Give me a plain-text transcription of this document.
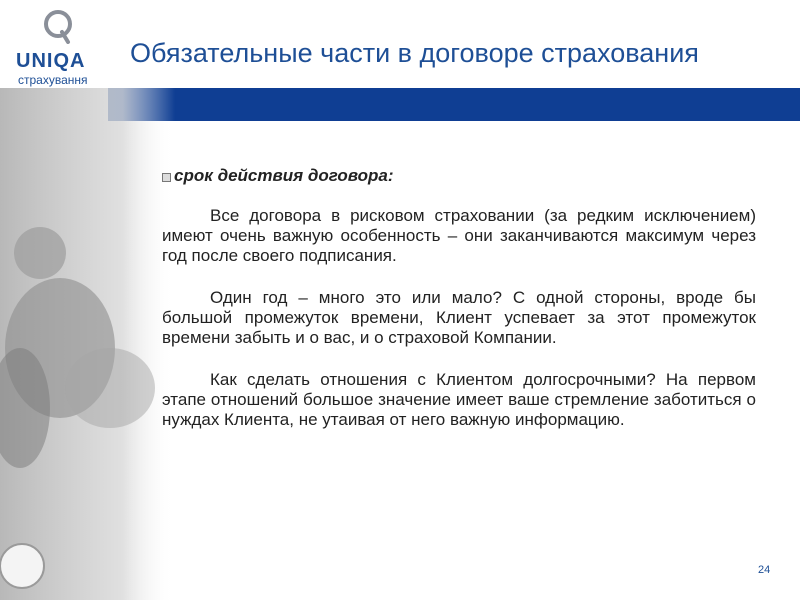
UNIQA
страхування
Обязательные части в договоре страхования
срок действия договора:

Все договора в рисковом страховании (за редким исключением) имеют очень важную особенность – они заканчиваются максимум через год после своего подписания.

Один год – много это или мало? С одной стороны, вроде бы большой промежуток времени, Клиент успевает за этот промежуток времени забыть и о вас, и о страховой Компании.

Как сделать отношения с Клиентом долгосрочными? На первом этапе отношений большое значение имеет ваше стремление заботиться о нуждах Клиента, не утаивая от него важную информацию.

24
